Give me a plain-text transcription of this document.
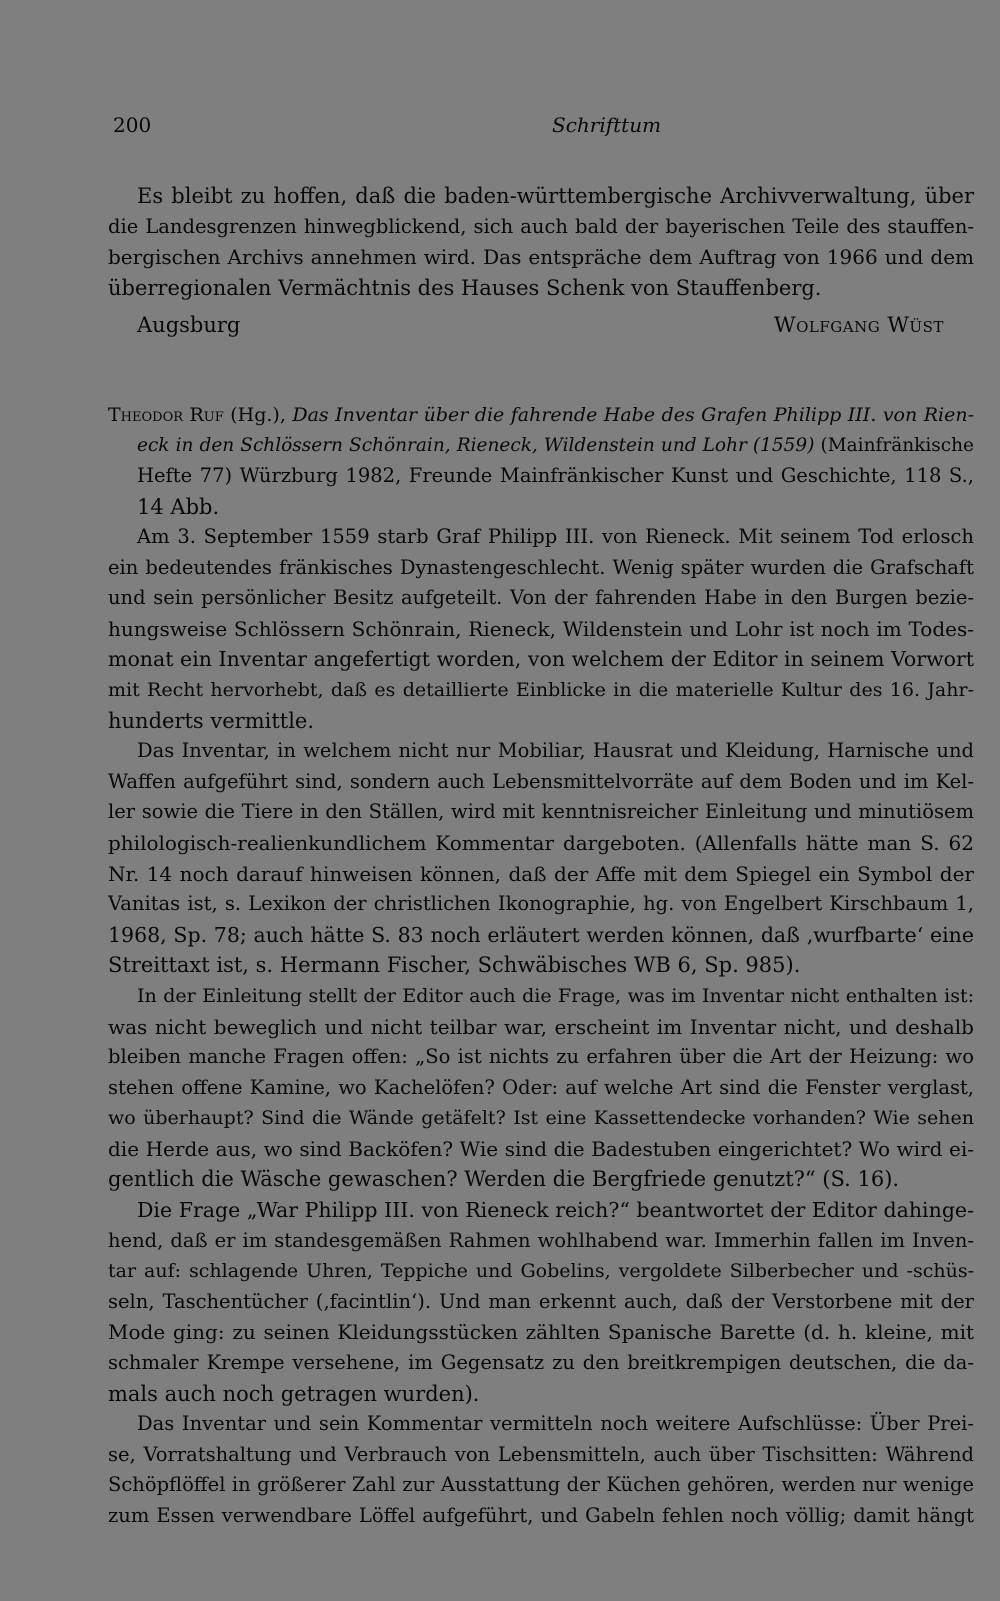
200	Schrifttum

Es bleibt zu hoffen, daß die baden-württembergische Archivverwaltung, über

die Landesgrenzen hinwegblickend, sich auch bald der bayerischen Teile des stauffen-

bergischen Archivs annehmen wird. Das entspräche dem Auftrag von 1966 und dem

überregionalen Vermächtnis des Hauses Schenk von Stauffenberg.

Augsburg	Wolfgang Wüst

Theodor Ruf (Hg.), Das Inventar über die fahrende Habe des Grafen Philipp III. von Rien-

eck in den Schlössern Schönrain, Rieneck, Wildenstein und Lohr (1559) (Mainfränkische

Hefte 77) Würzburg 1982, Freunde Mainfränkischer Kunst und Geschichte, 118 S.,

14 Abb.

Am 3. September 1559 starb Graf Philipp III. von Rieneck. Mit seinem Tod erlosch

ein bedeutendes fränkisches Dynastengeschlecht. Wenig später wurden die Grafschaft

und sein persönlicher Besitz aufgeteilt. Von der fahrenden Habe in den Burgen bezie-

hungsweise Schlössern Schönrain, Rieneck, Wildenstein und Lohr ist noch im Todes-

monat ein Inventar angefertigt worden, von welchem der Editor in seinem Vorwort

mit Recht hervorhebt, daß es detaillierte Einblicke in die materielle Kultur des 16. Jahr-

hunderts vermittle.

Das Inventar, in welchem nicht nur Mobiliar, Hausrat und Kleidung, Harnische und

Waffen aufgeführt sind, sondern auch Lebensmittelvorräte auf dem Boden und im Kel-

ler sowie die Tiere in den Ställen, wird mit kenntnisreicher Einleitung und minutiösem

philologisch-realienkundlichem Kommentar dargeboten. (Allenfalls hätte man S. 62

Nr. 14 noch darauf hinweisen können, daß der Affe mit dem Spiegel ein Symbol der

Vanitas ist, s. Lexikon der christlichen Ikonographie, hg. von Engelbert Kirschbaum 1,

1968, Sp. 78; auch hätte S. 83 noch erläutert werden können, daß ‚wurfbarte‘ eine

Streittaxt ist, s. Hermann Fischer, Schwäbisches WB 6, Sp. 985).

In der Einleitung stellt der Editor auch die Frage, was im Inventar nicht enthalten ist:

was nicht beweglich und nicht teilbar war, erscheint im Inventar nicht, und deshalb

bleiben manche Fragen offen: „So ist nichts zu erfahren über die Art der Heizung: wo

stehen offene Kamine, wo Kachelöfen? Oder: auf welche Art sind die Fenster verglast,

wo überhaupt? Sind die Wände getäfelt? Ist eine Kassettendecke vorhanden? Wie sehen

die Herde aus, wo sind Backöfen? Wie sind die Badestuben eingerichtet? Wo wird ei-

gentlich die Wäsche gewaschen? Werden die Bergfriede genutzt?“ (S. 16).

Die Frage „War Philipp III. von Rieneck reich?“ beantwortet der Editor dahinge-

hend, daß er im standesgemäßen Rahmen wohlhabend war. Immerhin fallen im Inven-

tar auf: schlagende Uhren, Teppiche und Gobelins, vergoldete Silberbecher und -schüs-

seln, Taschentücher (‚facintlin‘). Und man erkennt auch, daß der Verstorbene mit der

Mode ging: zu seinen Kleidungsstücken zählten Spanische Barette (d. h. kleine, mit

schmaler Krempe versehene, im Gegensatz zu den breitkrempigen deutschen, die da-

mals auch noch getragen wurden).

Das Inventar und sein Kommentar vermitteln noch weitere Aufschlüsse: Über Prei-

se, Vorratshaltung und Verbrauch von Lebensmitteln, auch über Tischsitten: Während

Schöpflöffel in größerer Zahl zur Ausstattung der Küchen gehören, werden nur wenige

zum Essen verwendbare Löffel aufgeführt, und Gabeln fehlen noch völlig; damit hängt
